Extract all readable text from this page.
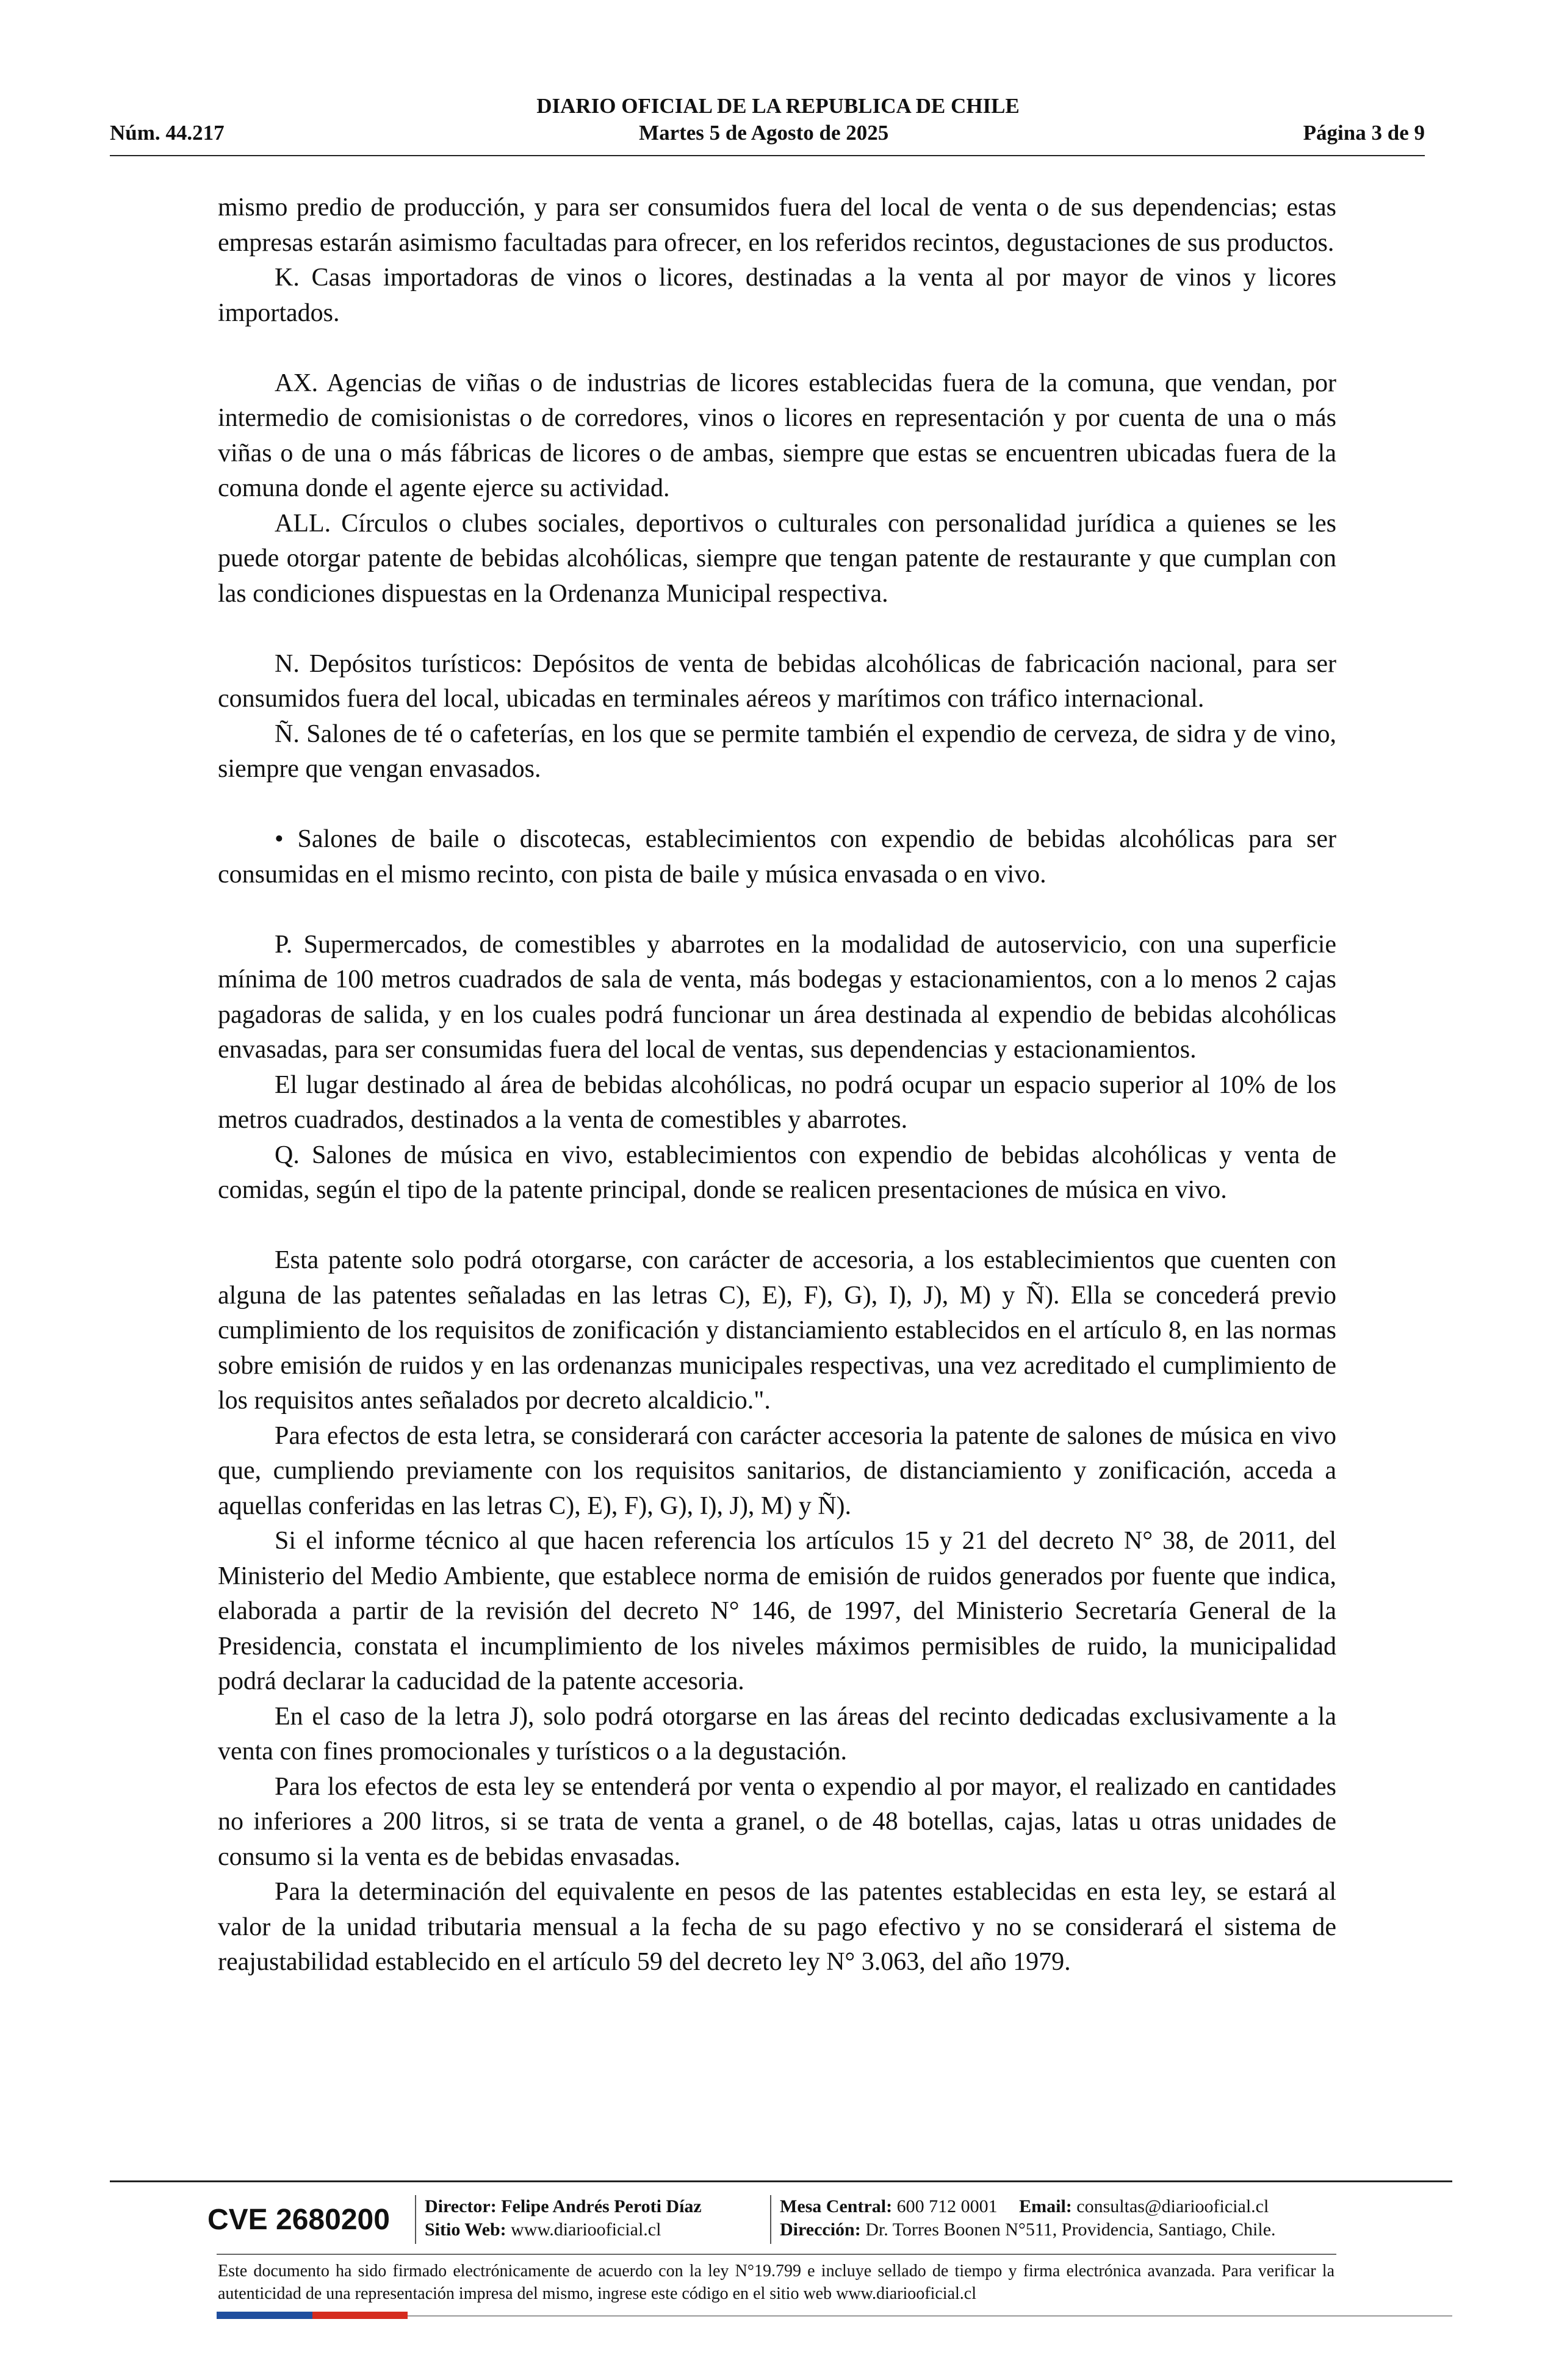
DIARIO OFICIAL DE LA REPUBLICA DE CHILE
Núm. 44.217	Martes 5 de Agosto de 2025	Página 3 de 9

mismo predio de producción, y para ser consumidos fuera del local de venta o de sus dependencias; estas empresas estarán asimismo facultadas para ofrecer, en los referidos recintos, degustaciones de sus productos.

K. Casas importadoras de vinos o licores, destinadas a la venta al por mayor de vinos y licores importados.

AX. Agencias de viñas o de industrias de licores establecidas fuera de la comuna, que vendan, por intermedio de comisionistas o de corredores, vinos o licores en representación y por cuenta de una o más viñas o de una o más fábricas de licores o de ambas, siempre que estas se encuentren ubicadas fuera de la comuna donde el agente ejerce su actividad.

ALL. Círculos o clubes sociales, deportivos o culturales con personalidad jurídica a quienes se les puede otorgar patente de bebidas alcohólicas, siempre que tengan patente de restaurante y que cumplan con las condiciones dispuestas en la Ordenanza Municipal respectiva.

N. Depósitos turísticos: Depósitos de venta de bebidas alcohólicas de fabricación nacional, para ser consumidos fuera del local, ubicadas en terminales aéreos y marítimos con tráfico internacional.

Ñ. Salones de té o cafeterías, en los que se permite también el expendio de cerveza, de sidra y de vino, siempre que vengan envasados.

• Salones de baile o discotecas, establecimientos con expendio de bebidas alcohólicas para ser consumidas en el mismo recinto, con pista de baile y música envasada o en vivo.

P. Supermercados, de comestibles y abarrotes en la modalidad de autoservicio, con una superficie mínima de 100 metros cuadrados de sala de venta, más bodegas y estacionamientos, con a lo menos 2 cajas pagadoras de salida, y en los cuales podrá funcionar un área destinada al expendio de bebidas alcohólicas envasadas, para ser consumidas fuera del local de ventas, sus dependencias y estacionamientos.

El lugar destinado al área de bebidas alcohólicas, no podrá ocupar un espacio superior al 10% de los metros cuadrados, destinados a la venta de comestibles y abarrotes.

Q. Salones de música en vivo, establecimientos con expendio de bebidas alcohólicas y venta de comidas, según el tipo de la patente principal, donde se realicen presentaciones de música en vivo.

Esta patente solo podrá otorgarse, con carácter de accesoria, a los establecimientos que cuenten con alguna de las patentes señaladas en las letras C), E), F), G), I), J), M) y Ñ). Ella se concederá previo cumplimiento de los requisitos de zonificación y distanciamiento establecidos en el artículo 8, en las normas sobre emisión de ruidos y en las ordenanzas municipales respectivas, una vez acreditado el cumplimiento de los requisitos antes señalados por decreto alcaldicio.".

Para efectos de esta letra, se considerará con carácter accesoria la patente de salones de música en vivo que, cumpliendo previamente con los requisitos sanitarios, de distanciamiento y zonificación, acceda a aquellas conferidas en las letras C), E), F), G), I), J), M) y Ñ).

Si el informe técnico al que hacen referencia los artículos 15 y 21 del decreto N° 38, de 2011, del Ministerio del Medio Ambiente, que establece norma de emisión de ruidos generados por fuente que indica, elaborada a partir de la revisión del decreto N° 146, de 1997, del Ministerio Secretaría General de la Presidencia, constata el incumplimiento de los niveles máximos permisibles de ruido, la municipalidad podrá declarar la caducidad de la patente accesoria.

En el caso de la letra J), solo podrá otorgarse en las áreas del recinto dedicadas exclusivamente a la venta con fines promocionales y turísticos o a la degustación.

Para los efectos de esta ley se entenderá por venta o expendio al por mayor, el realizado en cantidades no inferiores a 200 litros, si se trata de venta a granel, o de 48 botellas, cajas, latas u otras unidades de consumo si la venta es de bebidas envasadas.

Para la determinación del equivalente en pesos de las patentes establecidas en esta ley, se estará al valor de la unidad tributaria mensual a la fecha de su pago efectivo y no se considerará el sistema de reajustabilidad establecido en el artículo 59 del decreto ley N° 3.063, del año 1979.

CVE 2680200	Director: Felipe Andrés Peroti Díaz
Sitio Web: www.diariooficial.cl
Mesa Central: 600 712 0001 Email: consultas@diariooficial.cl
Dirección: Dr. Torres Boonen N°511, Providencia, Santiago, Chile.
Este documento ha sido firmado electrónicamente de acuerdo con la ley N°19.799 e incluye sellado de tiempo y firma electrónica avanzada. Para verificar la autenticidad de una representación impresa del mismo, ingrese este código en el sitio web www.diariooficial.cl
